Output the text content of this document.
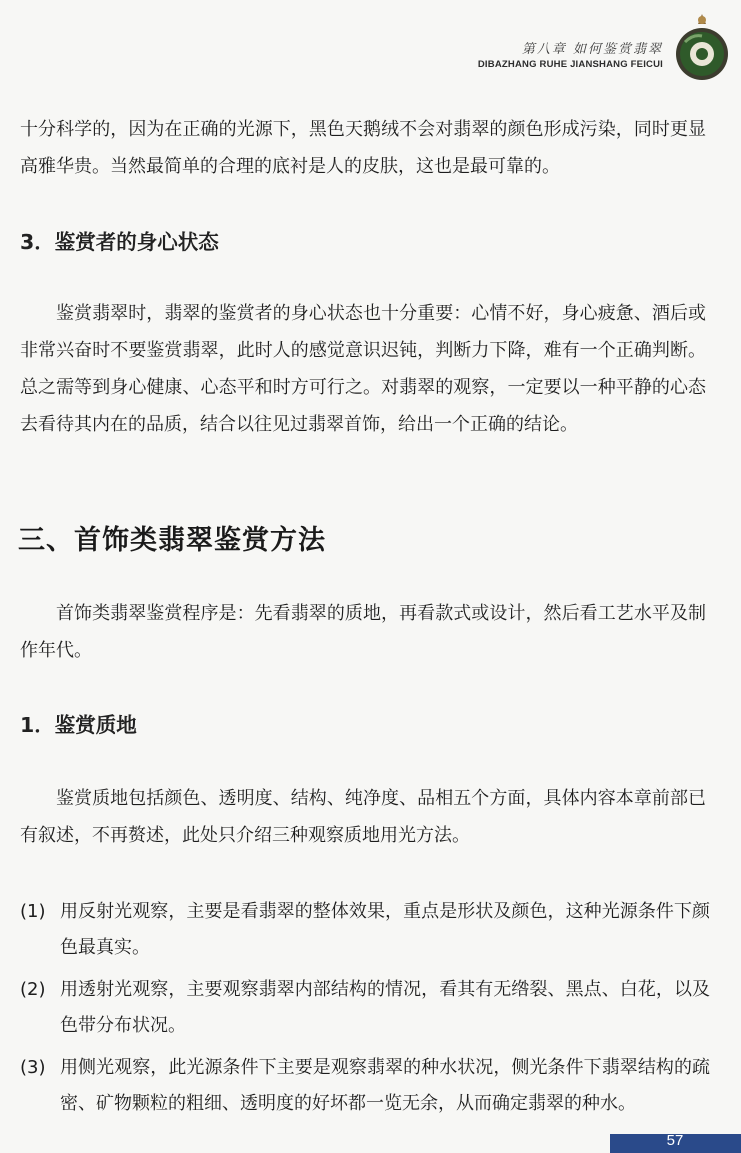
第八章 如何鉴赏翡翠
DIBAZHANG RUHE JIANSHANG FEICUI
十分科学的，因为在正确的光源下，黑色天鹅绒不会对翡翠的颜色形成污染，同时更显高雅华贵。当然最简单的合理的底衬是人的皮肤，这也是最可靠的。
3．鉴赏者的身心状态
鉴赏翡翠时，翡翠的鉴赏者的身心状态也十分重要：心情不好，身心疲惫、酒后或非常兴奋时不要鉴赏翡翠，此时人的感觉意识迟钝，判断力下降，难有一个正确判断。总之需等到身心健康、心态平和时方可行之。对翡翠的观察，一定要以一种平静的心态去看待其内在的品质，结合以往见过翡翠首饰，给出一个正确的结论。
三、首饰类翡翠鉴赏方法
首饰类翡翠鉴赏程序是：先看翡翠的质地，再看款式或设计，然后看工艺水平及制作年代。
1．鉴赏质地
鉴赏质地包括颜色、透明度、结构、纯净度、品相五个方面，具体内容本章前部已有叙述，不再赘述，此处只介绍三种观察质地用光方法。
(1) 用反射光观察，主要是看翡翠的整体效果，重点是形状及颜色，这种光源条件下颜色最真实。
(2) 用透射光观察，主要观察翡翠内部结构的情况，看其有无绺裂、黑点、白花，以及色带分布状况。
(3) 用侧光观察，此光源条件下主要是观察翡翠的种水状况，侧光条件下翡翠结构的疏密、矿物颗粒的粗细、透明度的好坏都一览无余，从而确定翡翠的种水。
57
